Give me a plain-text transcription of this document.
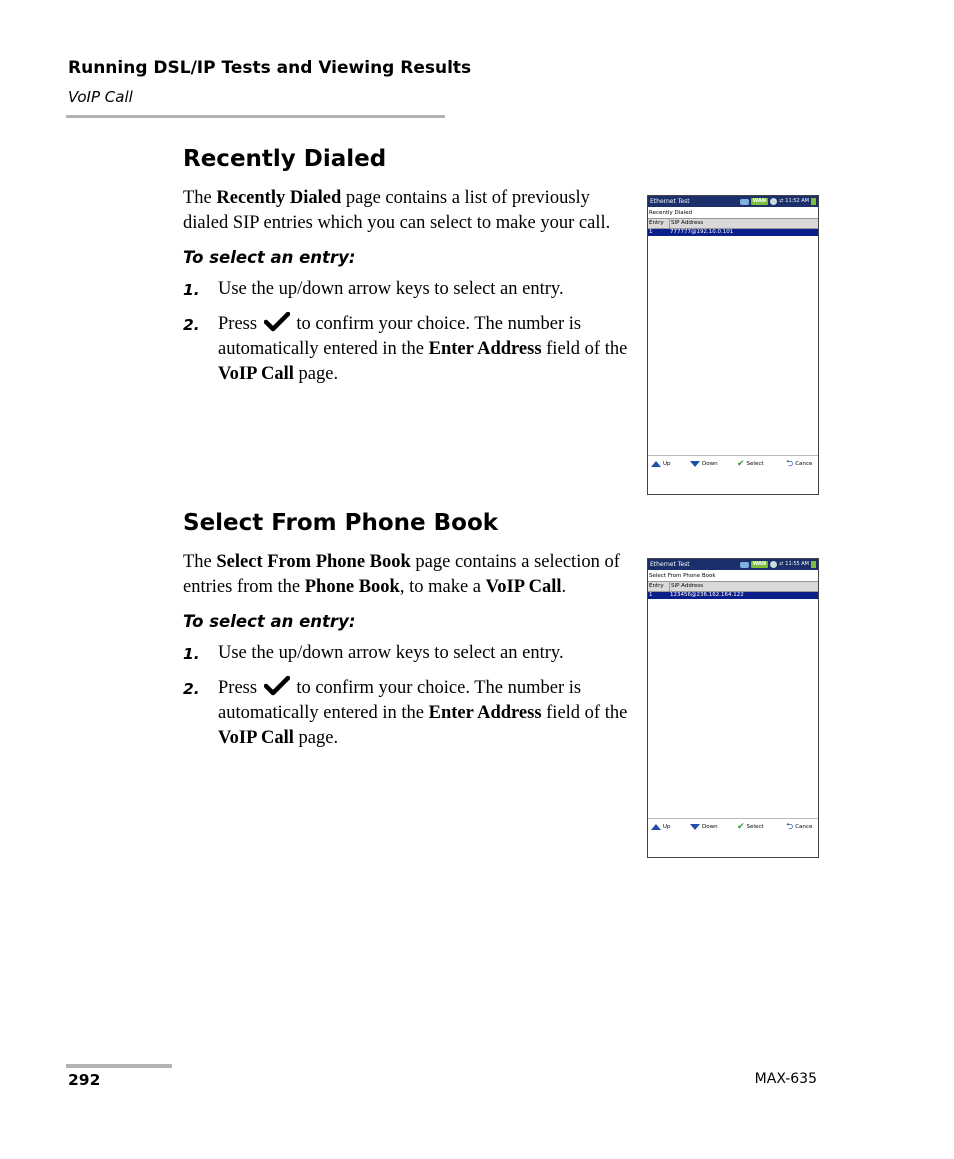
Running DSL/IP Tests and Viewing Results
VoIP Call
Recently Dialed

The Recently Dialed page contains a list of previously dialed SIP entries which you can select to make your call.

To select an entry:
1. Use the up/down arrow keys to select an entry.
2. Press  to confirm your choice. The number is automatically entered in the Enter Address field of the VoIP Call page.
Ethernet Test	WAN	⇄ 11:52 AM
Recently Dialed
Entry	SIP Address
1	777777@192.10.0.101
Up	Down ✔ Select ⮌ Cance
Select From Phone Book

The Select From Phone Book page contains a selection of entries from the Phone Book, to make a VoIP Call.

To select an entry:
1. Use the up/down arrow keys to select an entry.
2. Press  to confirm your choice. The number is automatically entered in the Enter Address field of the VoIP Call page.
Ethernet Test	WAN	⇄ 11:55 AM
Select From Phone Book
Entry	SIP Address
1	123456@236.162.164.122
Up	Down ✔ Select ⮌ Cance
292	MAX-635
